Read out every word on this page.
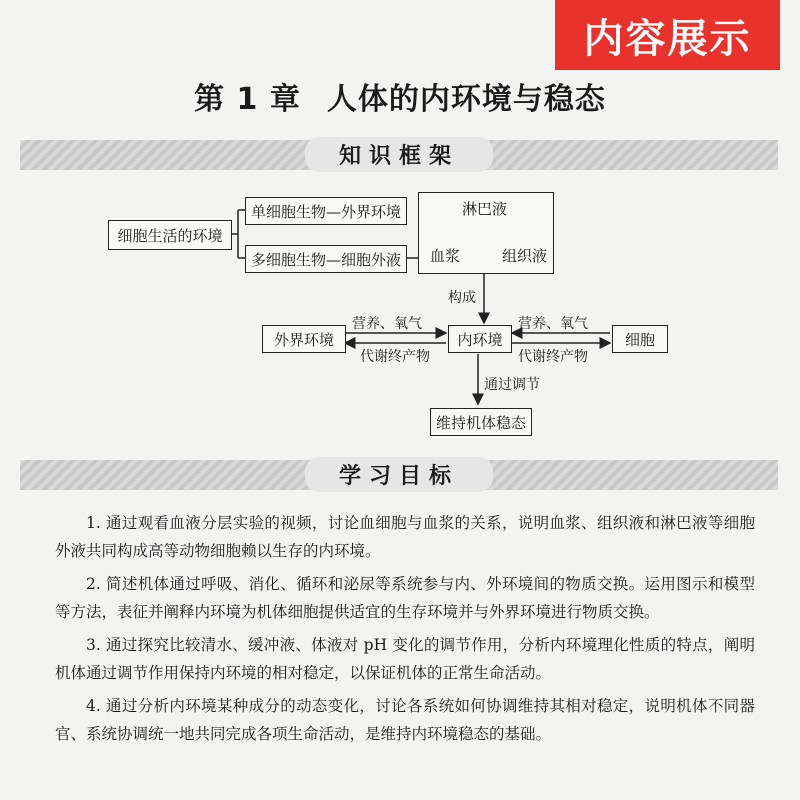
内容展示
第 1 章 人体的内环境与稳态
知识框架
细胞生活的环境
单细胞生物—外界环境
多细胞生物—细胞外液
淋巴液
血浆	组织液
构成
外界环境	内环境	细胞
营养、氧气
代谢终产物
营养、氧气
代谢终产物
通过调节
维持机体稳态
学习目标

1. 通过观看血液分层实验的视频，讨论血细胞与血浆的关系，说明血浆、组织液和淋巴液等细胞外液共同构成高等动物细胞赖以生存的内环境。

2. 简述机体通过呼吸、消化、循环和泌尿等系统参与内、外环境间的物质交换。运用图示和模型等方法，表征并阐释内环境为机体细胞提供适宜的生存环境并与外界环境进行物质交换。

3. 通过探究比较清水、缓冲液、体液对 pH 变化的调节作用，分析内环境理化性质的特点，阐明机体通过调节作用保持内环境的相对稳定，以保证机体的正常生命活动。

4. 通过分析内环境某种成分的动态变化，讨论各系统如何协调维持其相对稳定，说明机体不同器官、系统协调统一地共同完成各项生命活动，是维持内环境稳态的基础。
